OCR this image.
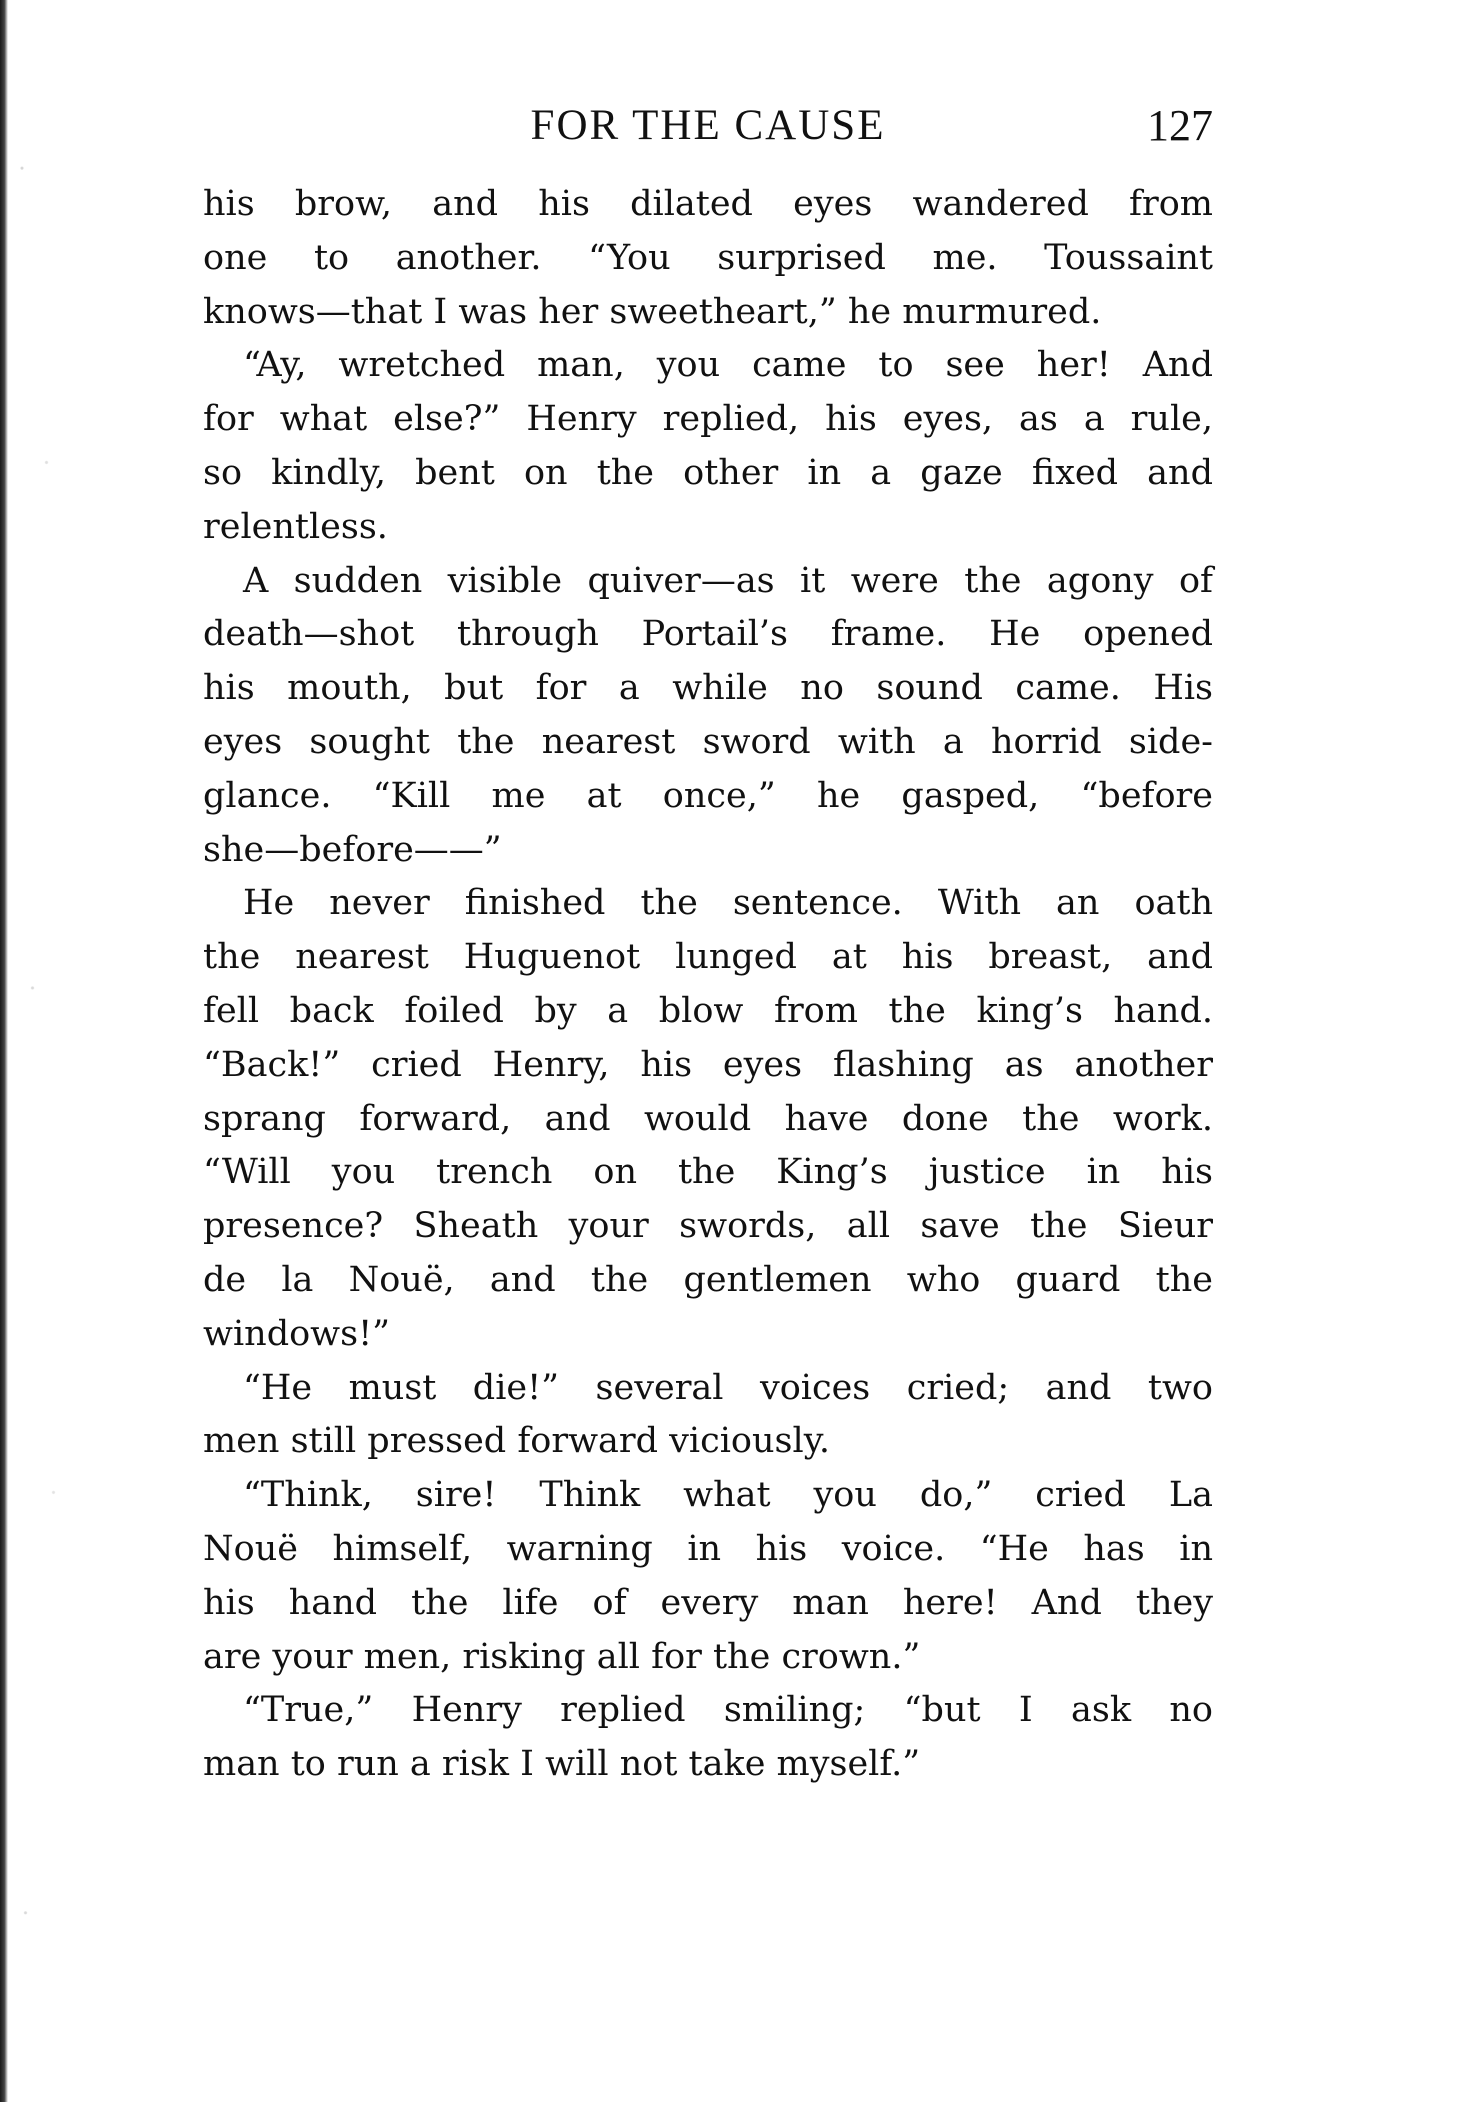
FOR THE CAUSE	127
his brow, and his dilated eyes wandered from
one to another. “You surprised me. Toussaint
knows—that I was her sweetheart,” he murmured.
“Ay, wretched man, you came to see her! And
for what else?” Henry replied, his eyes, as a rule,
so kindly, bent on the other in a gaze fixed and
relentless.
A sudden visible quiver—as it were the agony of
death—shot through Portail’s frame. He opened
his mouth, but for a while no sound came. His
eyes sought the nearest sword with a horrid side-
glance. “Kill me at once,” he gasped, “before
she—before——”
He never finished the sentence. With an oath
the nearest Huguenot lunged at his breast, and
fell back foiled by a blow from the king’s hand.
“Back!” cried Henry, his eyes flashing as another
sprang forward, and would have done the work.
“Will you trench on the King’s justice in his
presence? Sheath your swords, all save the Sieur
de la Nouë, and the gentlemen who guard the
windows!”
“He must die!” several voices cried; and two
men still pressed forward viciously.
“Think, sire! Think what you do,” cried La
Nouë himself, warning in his voice. “He has in
his hand the life of every man here! And they
are your men, risking all for the crown.”
“True,” Henry replied smiling; “but I ask no
man to run a risk I will not take myself.”
